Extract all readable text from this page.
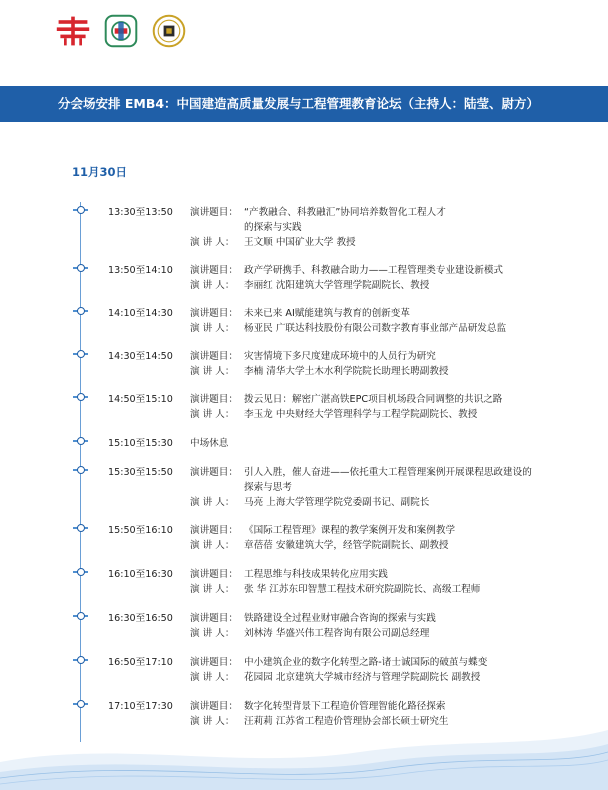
分会场安排 EMB4：中国建造高质量发展与工程管理教育论坛（主持人：陆莹、尉方）
11月30日
13:30至13:50 演讲题目： “产教融合、科教融汇”协同培养数智化工程人才
的探索与实践
演 讲 人： 王文顺 中国矿业大学 教授
13:50至14:10 演讲题目： 政产学研携手、科教融合助力——工程管理类专业建设新模式
演 讲 人： 李丽红 沈阳建筑大学管理学院副院长、教授
14:10至14:30 演讲题目： 未来已来 AI赋能建筑与教育的创新变革
演 讲 人： 杨亚民 广联达科技股份有限公司数字教育事业部产品研发总监
14:30至14:50 演讲题目： 灾害情境下多尺度建成环境中的人员行为研究
演 讲 人： 李楠 清华大学土木水利学院院长助理长聘副教授
14:50至15:10 演讲题目： 拨云见日：解密广湛高铁EPC项目机场段合同调整的共识之路
演 讲 人： 李玉龙 中央财经大学管理科学与工程学院副院长、教授
15:10至15:30 中场休息
15:30至15:50 演讲题目： 引人入胜，催人奋进——依托重大工程管理案例开展课程思政建设的
探索与思考
演 讲 人： 马亮 上海大学管理学院党委副书记、副院长
15:50至16:10 演讲题目： 《国际工程管理》课程的教学案例开发和案例教学
演 讲 人： 章蓓蓓 安徽建筑大学，经管学院副院长、副教授
16:10至16:30 演讲题目： 工程思维与科技成果转化应用实践
演 讲 人： 张 华 江苏东印智慧工程技术研究院副院长、高级工程师
16:30至16:50 演讲题目： 铁路建设全过程业财审融合咨询的探索与实践
演 讲 人： 刘林涛 华盛兴伟工程咨询有限公司副总经理
16:50至17:10 演讲题目： 中小建筑企业的数字化转型之路-诸士诚国际的破茧与蝶变
演 讲 人： 花园园 北京建筑大学城市经济与管理学院副院长 副教授
17:10至17:30 演讲题目： 数字化转型背景下工程造价管理智能化路径探索
演 讲 人： 汪莉莉 江苏省工程造价管理协会部长硕士研究生
